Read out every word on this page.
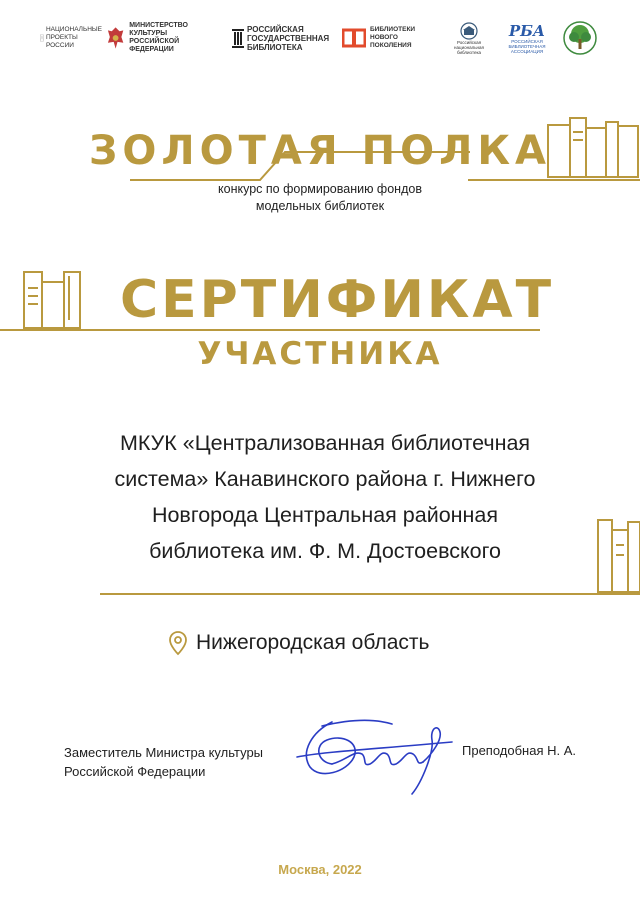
НАЦИОНАЛЬНЫЕ
ПРОЕКТЫ
РОССИИ
МИНИСТЕРСТВО КУЛЬТУРЫ
РОССИЙСКОЙ ФЕДЕРАЦИИ
РОССИЙСКАЯ
ГОСУДАРСТВЕННАЯ
БИБЛИОТЕКА
БИБЛИОТЕКИ
НОВОГО
ПОКОЛЕНИЯ	Российская
национальная
библиотека
РБА
РОССИЙСКАЯ
БИБЛИОТЕЧНАЯ
АССОЦИАЦИЯ
ЗОЛОТАЯ ПОЛКА
конкурс по формированию фондов
модельных библиотек
СЕРТИФИКАТ
УЧАСТНИКА
МКУК «Централизованная библиотечная
система» Канавинского района г. Нижнего
Новгорода Центральная районная
библиотека им. Ф. М. Достоевского
Нижегородская область
Заместитель Министра культуры
Российской Федерации
Преподобная Н. А.
Москва, 2022
